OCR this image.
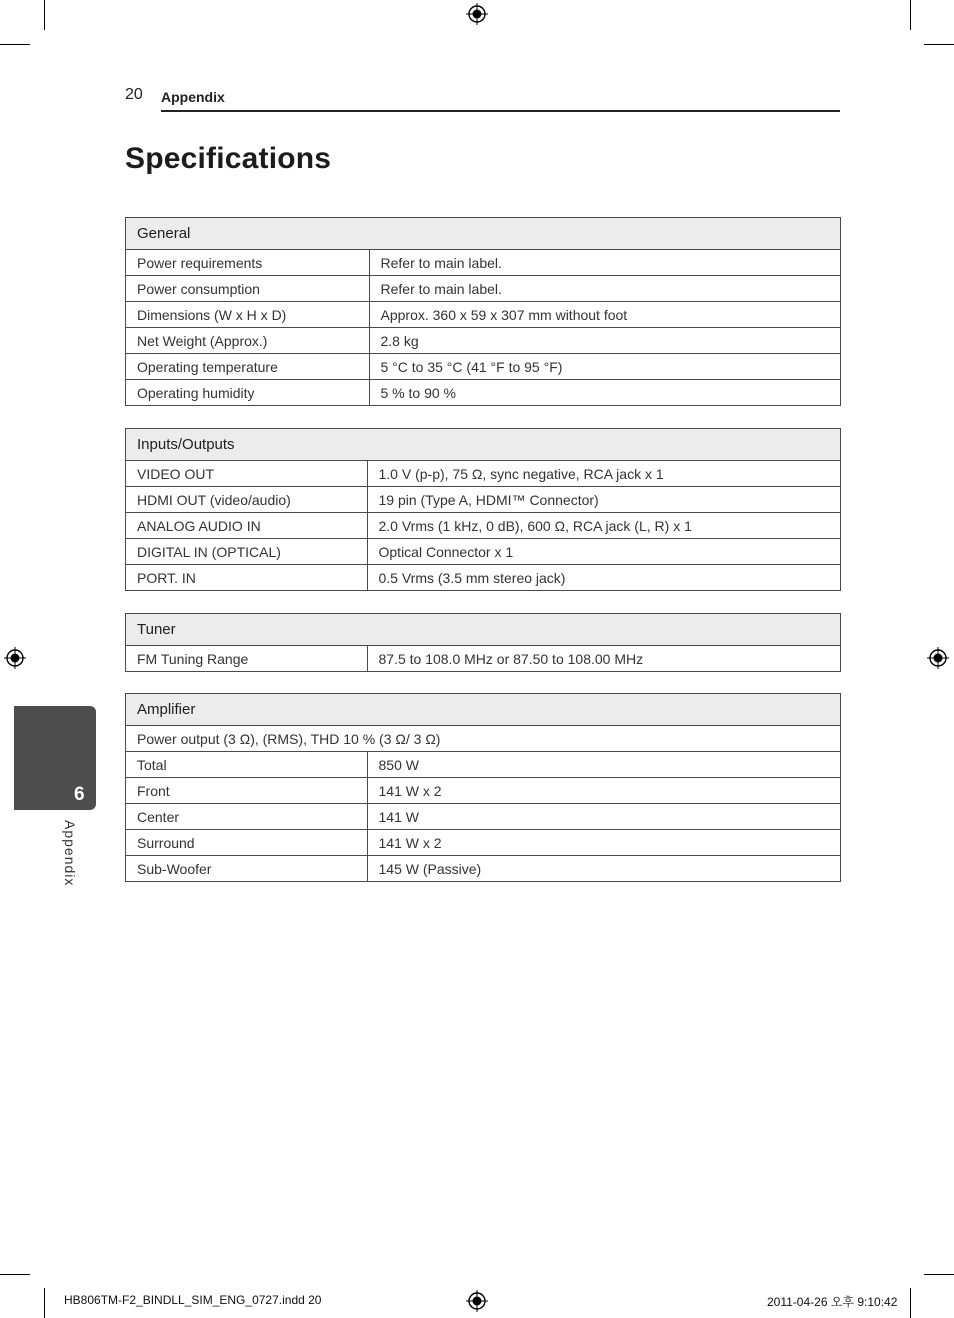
20 Appendix
Specifications
General	
Power requirements	Refer to main label.
Power consumption	Refer to main label.
Dimensions (W x H x D)	Approx. 360 x 59 x 307 mm without foot
Net Weight (Approx.)	2.8 kg
Operating temperature	5 °C to 35 °C (41 °F to 95 °F)
Operating humidity	5 % to 90 %
Inputs/Outputs	
VIDEO OUT	1.0 V (p-p), 75 Ω, sync negative, RCA jack x 1
HDMI OUT (video/audio)	19 pin (Type A, HDMI™ Connector)
ANALOG AUDIO IN	2.0 Vrms (1 kHz, 0 dB), 600 Ω, RCA jack (L, R) x 1
DIGITAL IN (OPTICAL)	Optical Connector x 1
PORT. IN	0.5 Vrms (3.5 mm stereo jack)
Tuner
FM Tuning Range	87.5 to 108.0 MHz or 87.50 to 108.00 MHz
Amplifier	
Power output (3 Ω), (RMS), THD 10 % (3 Ω/ 3 Ω)	
Total	850 W
Front	141 W x 2
Center	141 W
Surround	141 W x 2
Sub-Woofer	145 W (Passive)
6
Appendix
HB806TM-F2_BINDLL_SIM_ENG_0727.indd 20	2011-04-26 오후 9:10:42
